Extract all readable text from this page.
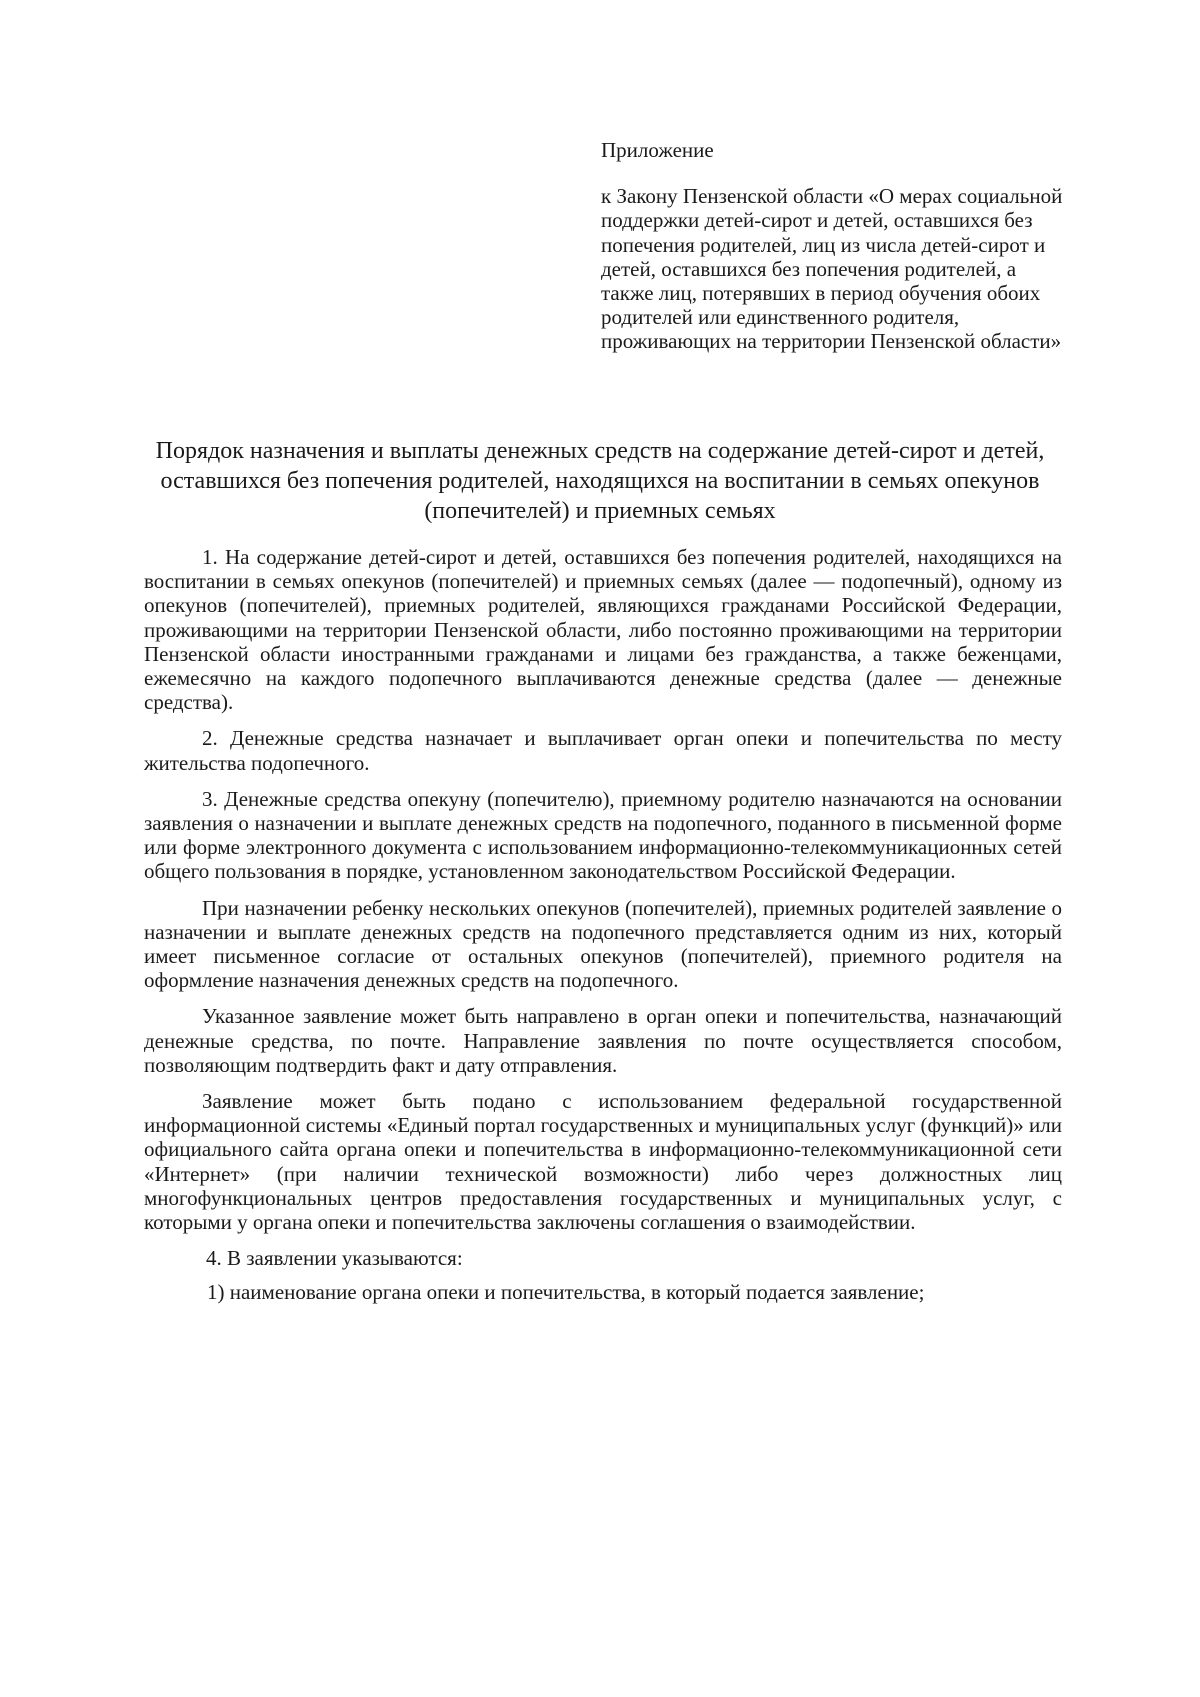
Приложение

к Закону Пензенской области «О мерах социальной поддержки детей-сирот и детей, оставшихся без попечения родителей, лиц из числа детей-сирот и детей, оставшихся без попечения родителей, а также лиц, потерявших в период обучения обоих родителей или единственного родителя, проживающих на территории Пензенской области»

Порядок назначения и выплаты денежных средств на содержание детей-сирот и детей, оставшихся без попечения родителей, находящихся на воспитании в семьях опекунов (попечителей) и приемных семьях

1. На содержание детей-сирот и детей, оставшихся без попечения родителей, находящихся на воспитании в семьях опекунов (попечителей) и приемных семьях (далее — подопечный), одному из опекунов (попечителей), приемных родителей, являющихся гражданами Российской Федерации, проживающими на территории Пензенской области, либо постоянно проживающими на территории Пензенской области иностранными гражданами и лицами без гражданства, а также беженцами, ежемесячно на каждого подопечного выплачиваются денежные средства (далее — денежные средства).

2. Денежные средства назначает и выплачивает орган опеки и попечительства по месту жительства подопечного.

3. Денежные средства опекуну (попечителю), приемному родителю назначаются на основании заявления о назначении и выплате денежных средств на подопечного, поданного в письменной форме или форме электронного документа с использованием информационно-телекоммуникационных сетей общего пользования в порядке, установленном законодательством Российской Федерации.

При назначении ребенку нескольких опекунов (попечителей), приемных родителей заявление о назначении и выплате денежных средств на подопечного представляется одним из них, который имеет письменное согласие от остальных опекунов (попечителей), приемного родителя на оформление назначения денежных средств на подопечного.

Указанное заявление может быть направлено в орган опеки и попечительства, назначающий денежные средства, по почте. Направление заявления по почте осуществляется способом, позволяющим подтвердить факт и дату отправления.

Заявление может быть подано с использованием федеральной государственной информационной системы «Единый портал государственных и муниципальных услуг (функций)» или официального сайта органа опеки и попечительства в информационно-телекоммуникационной сети «Интернет» (при наличии технической возможности) либо через должностных лиц многофункциональных центров предоставления государственных и муниципальных услуг, с которыми у органа опеки и попечительства заключены соглашения о взаимодействии.

4. В заявлении указываются:

1) наименование органа опеки и попечительства, в который подается заявление;
